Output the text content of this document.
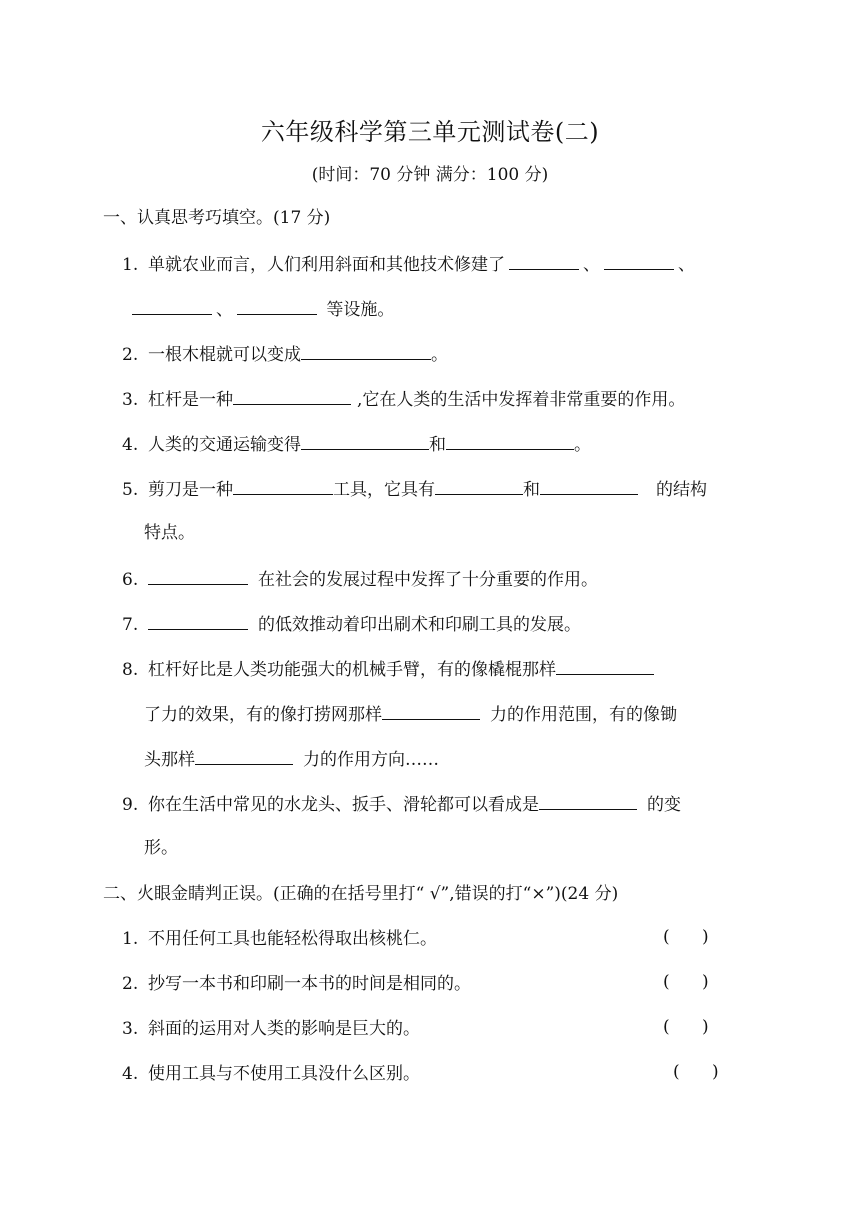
六年级科学第三单元测试卷(二)
(时间：70 分钟 满分：100 分)
一、认真思考巧填空。(17 分)
1. 单就农业而言，人们利用斜面和其他技术修建了	、	、
、	等设施。
2. 一根木棍就可以变成	。
3. 杠杆是一种	,它在人类的生活中发挥着非常重要的作用。
4. 人类的交通运输变得	和	。
5. 剪刀是一种	工具，它具有	和	的结构
特点。
6.	在社会的发展过程中发挥了十分重要的作用。
7.	的低效推动着印出刷术和印刷工具的发展。
8. 杠杆好比是人类功能强大的机械手臂，有的像橇棍那样
了力的效果，有的像打捞网那样	力的作用范围，有的像锄
头那样	力的作用方向……
9. 你在生活中常见的水龙头、扳手、滑轮都可以看成是	的变
形。
二、火眼金睛判正误。(正确的在括号里打“ √”,错误的打“×”)(24 分)
1. 不用任何工具也能轻松得取出核桃仁。	(      )
2. 抄写一本书和印刷一本书的时间是相同的。	(      )
3. 斜面的运用对人类的影响是巨大的。	(      )
4. 使用工具与不使用工具没什么区别。	(      )
